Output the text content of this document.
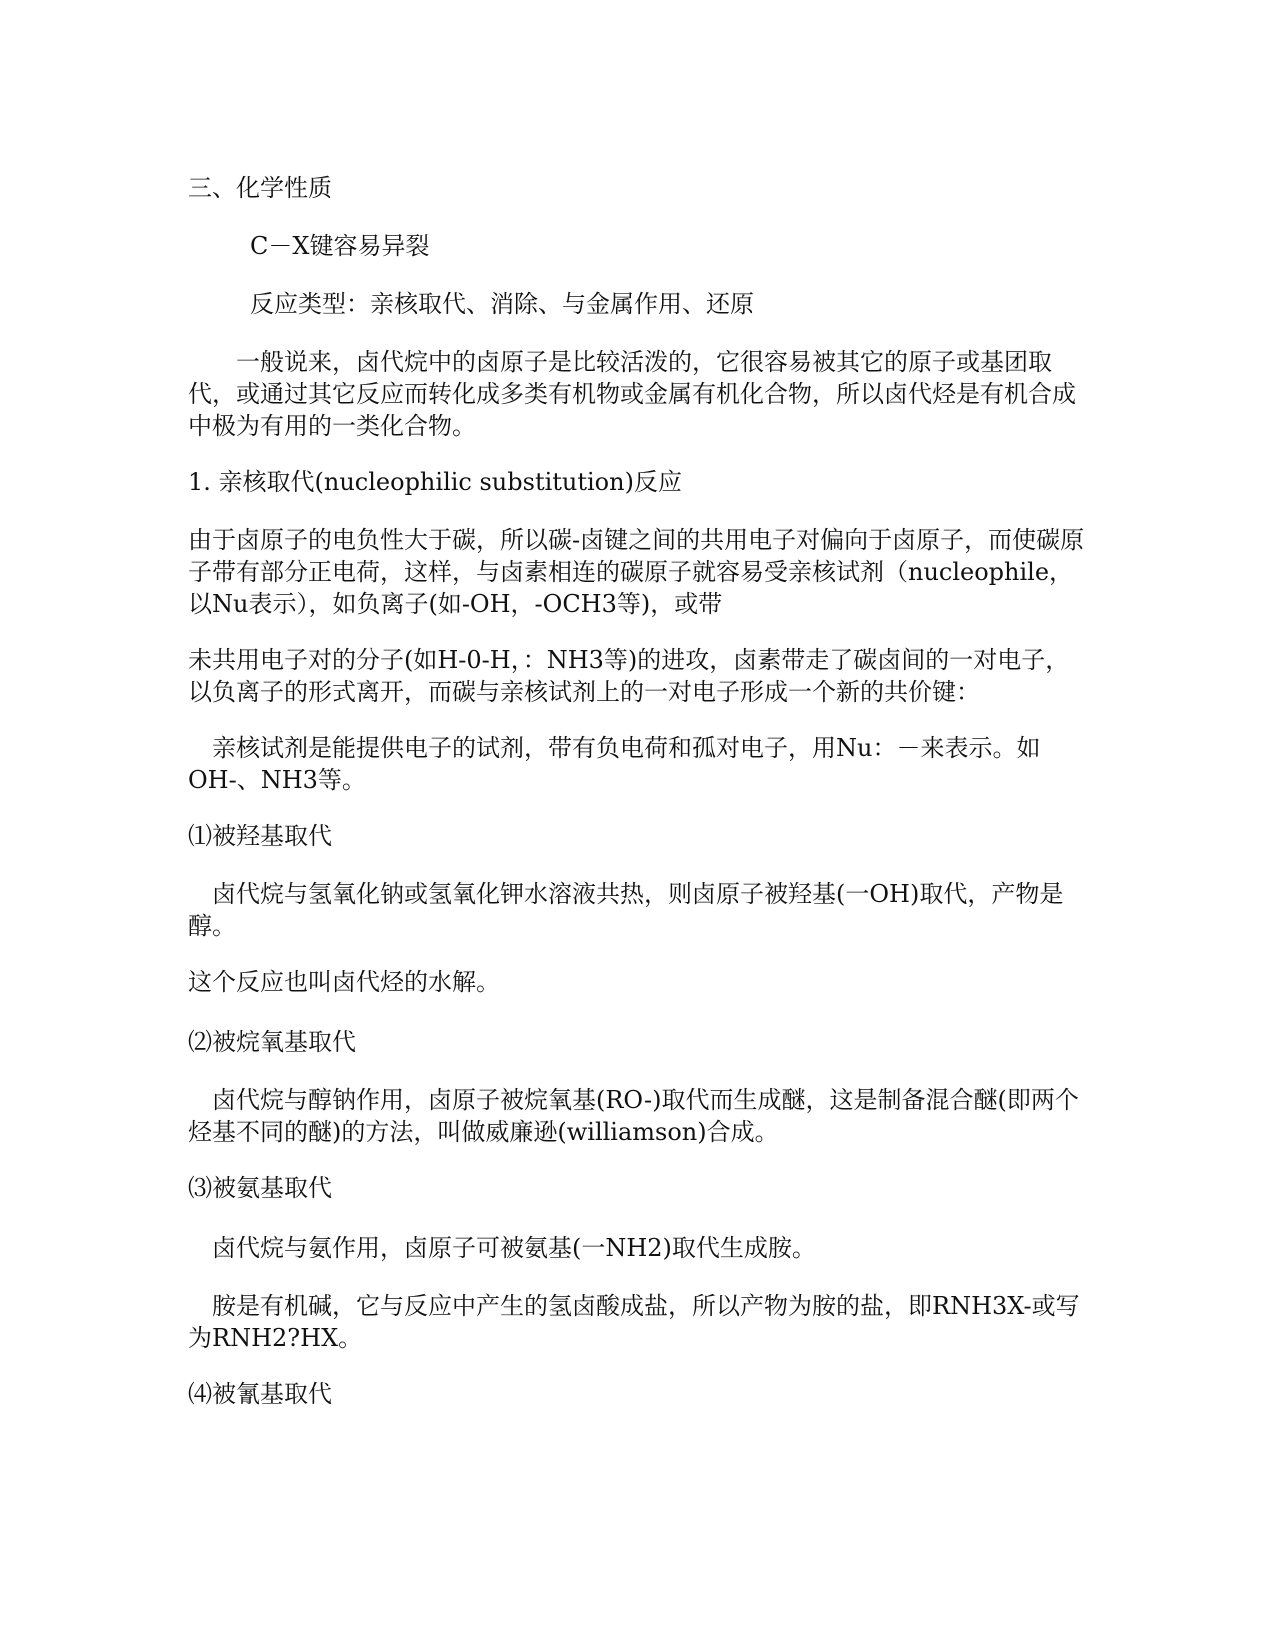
三、化学性质

C－X键容易异裂

反应类型：亲核取代、消除、与金属作用、还原

　　一般说来，卤代烷中的卤原子是比较活泼的，它很容易被其它的原子或基团取代，或通过其它反应而转化成多类有机物或金属有机化合物，所以卤代烃是有机合成中极为有用的一类化合物。

1. 亲核取代(nucleophilic substitution)反应

由于卤原子的电负性大于碳，所以碳-卤键之间的共用电子对偏向于卤原子，而使碳原子带有部分正电荷，这样，与卤素相连的碳原子就容易受亲核试剂（nucleophile，以Nu表示），如负离子(如-OH，-OCH3等)，或带

未共用电子对的分子(如H-0-H，：NH3等)的进攻，卤素带走了碳卤间的一对电子，以负离子的形式离开，而碳与亲核试剂上的一对电子形成一个新的共价键：

　亲核试剂是能提供电子的试剂，带有负电荷和孤对电子，用Nu：－来表示。如OH-、NH3等。

⑴被羟基取代

　卤代烷与氢氧化钠或氢氧化钾水溶液共热，则卤原子被羟基(一OH)取代，产物是醇。

这个反应也叫卤代烃的水解。

⑵被烷氧基取代

　卤代烷与醇钠作用，卤原子被烷氧基(RO-)取代而生成醚，这是制备混合醚(即两个烃基不同的醚)的方法，叫做威廉逊(williamson)合成。

⑶被氨基取代

　卤代烷与氨作用，卤原子可被氨基(一NH2)取代生成胺。

　胺是有机碱，它与反应中产生的氢卤酸成盐，所以产物为胺的盐，即RNH3X-或写为RNH2?HX。

⑷被氰基取代
